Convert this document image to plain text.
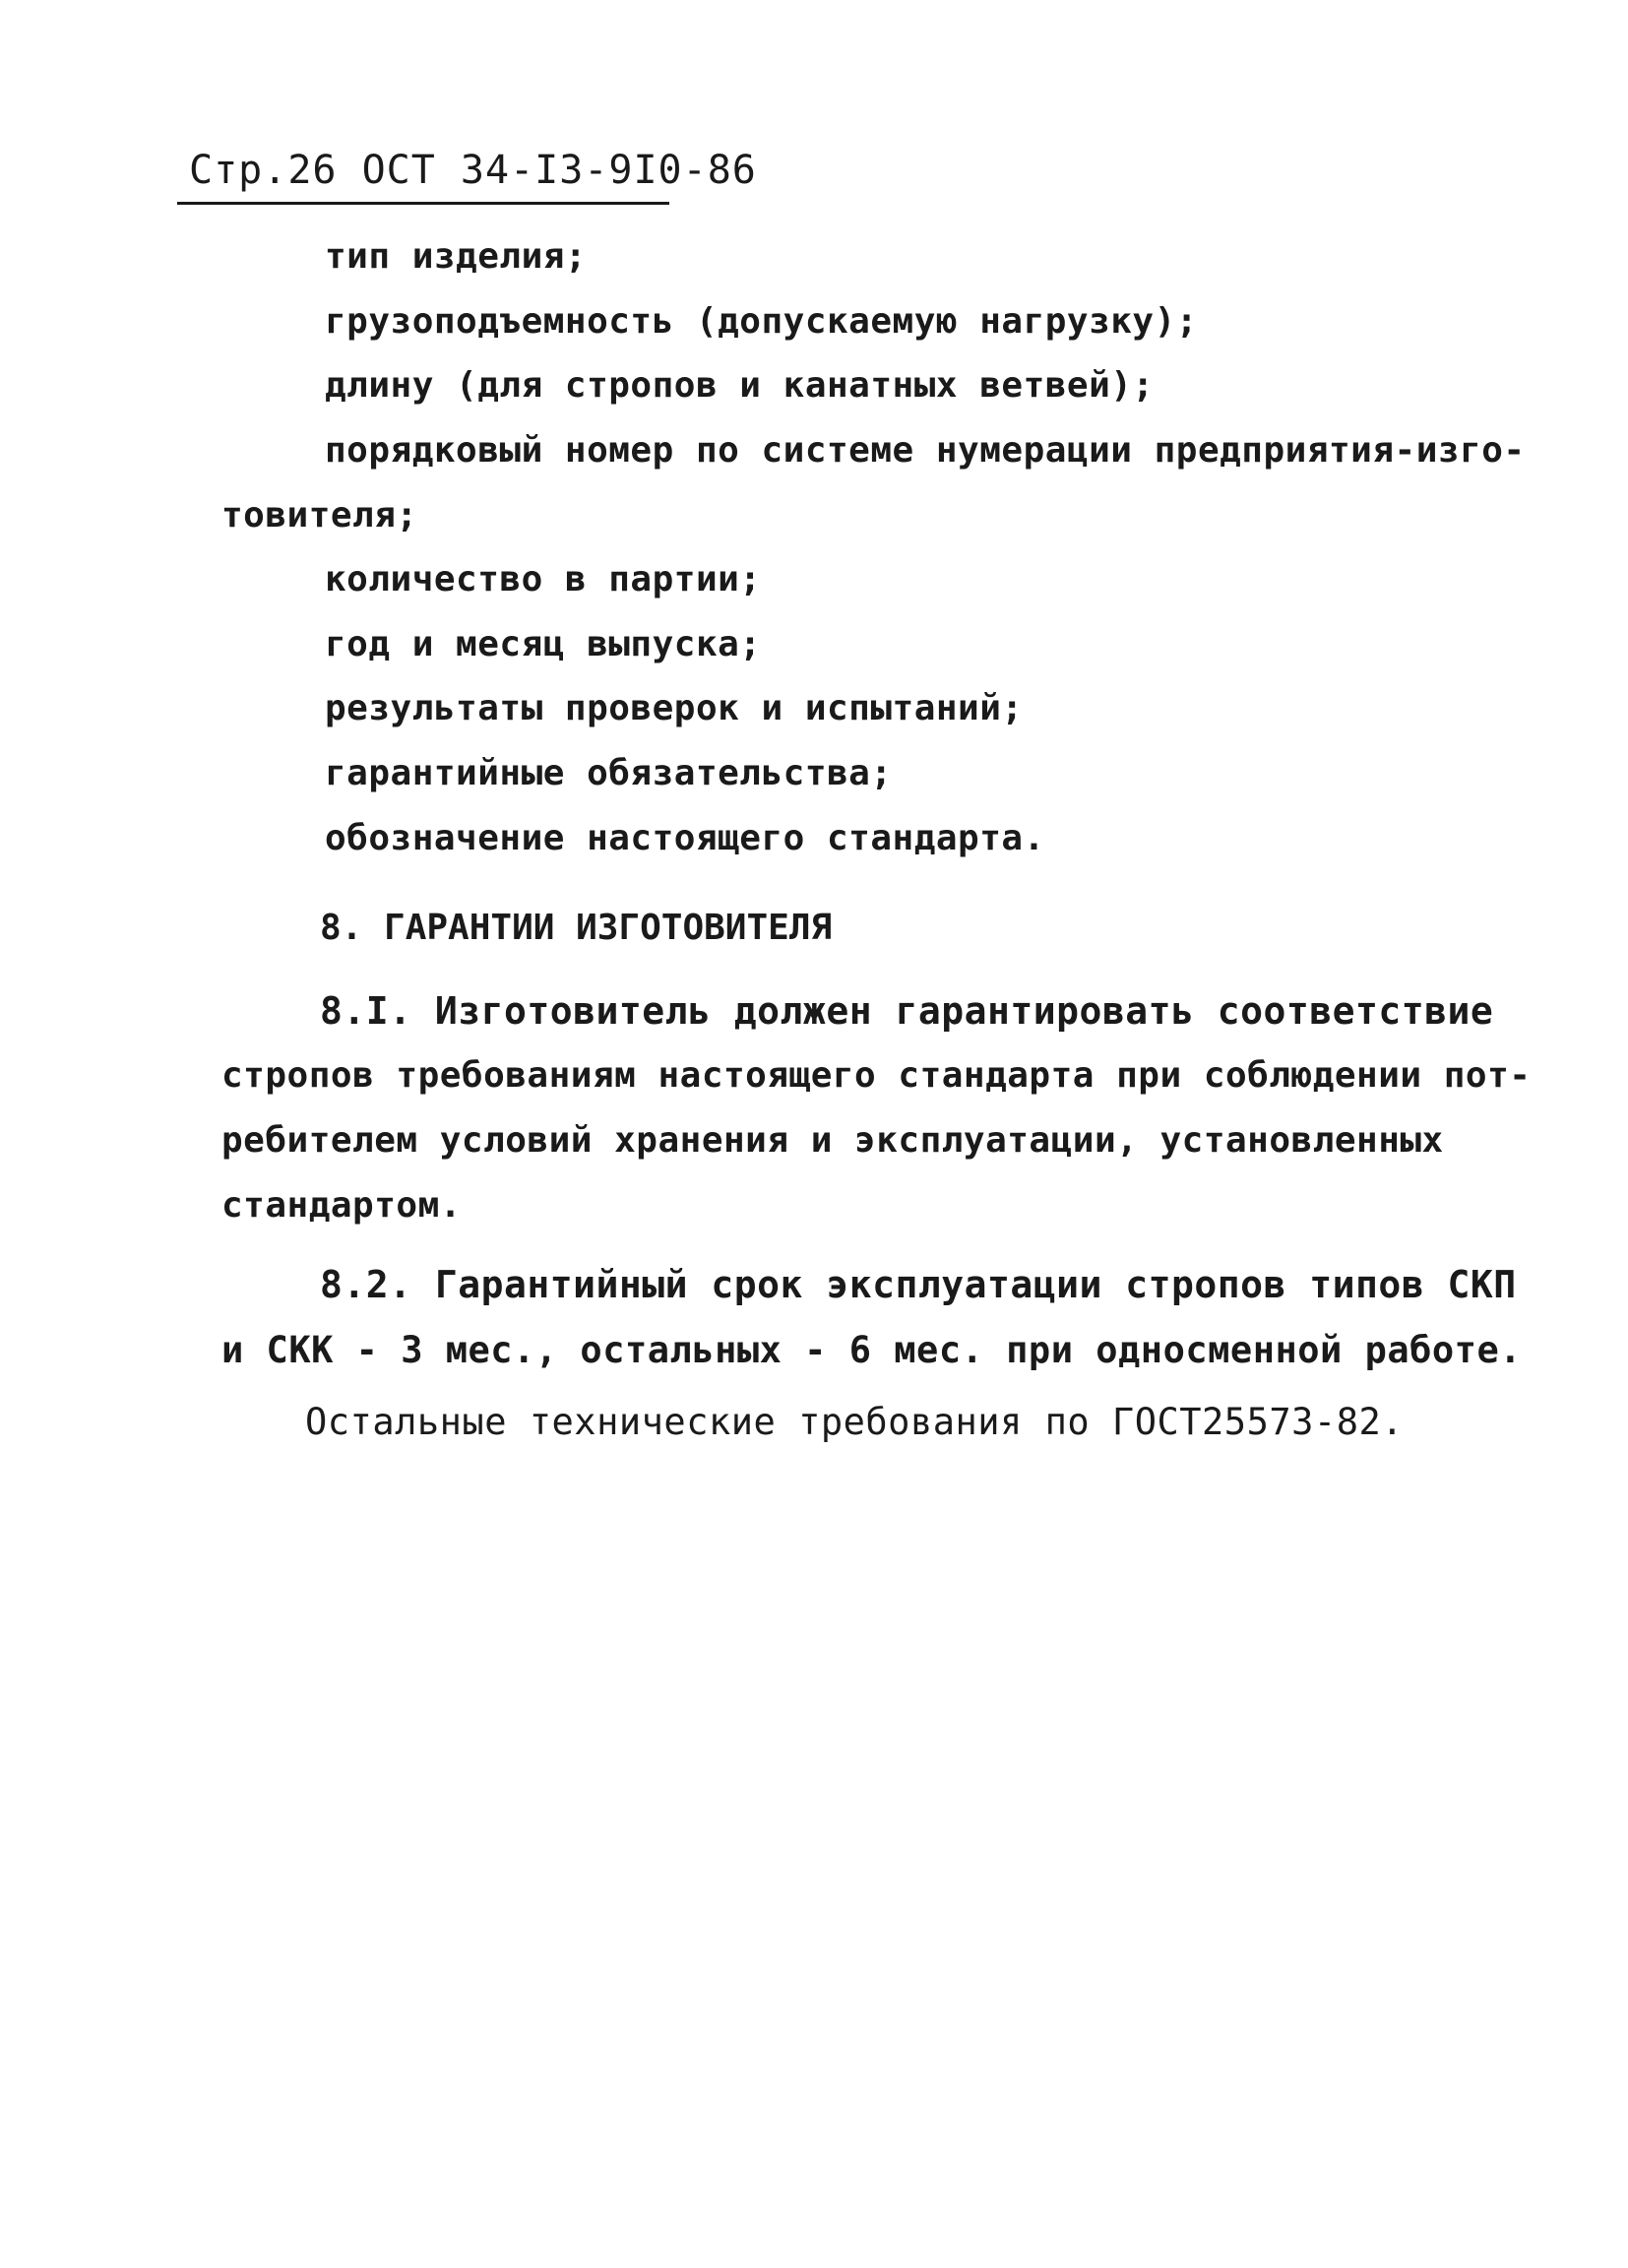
Стр.26 ОСТ 34-I3-9I0-86
тип изделия;
грузоподъемность (допускаемую нагрузку);
длину (для стропов и канатных ветвей);
порядковый номер по системе нумерации предприятия-изго-
товителя;
количество в партии;
год и месяц выпуска;
результаты проверок и испытаний;
гарантийные обязательства;
обозначение настоящего стандарта.
8. ГАРАНТИИ ИЗГОТОВИТЕЛЯ
8.I. Изготовитель должен гарантировать соответствие
стропов требованиям настоящего стандарта при соблюдении пот-
ребителем условий хранения и эксплуатации, установленных
стандартом.
8.2. Гарантийный срок эксплуатации стропов типов СКП
и СКК - 3 мес., остальных - 6 мес. при односменной работе.
Остальные технические требования по ГОСТ25573-82.
